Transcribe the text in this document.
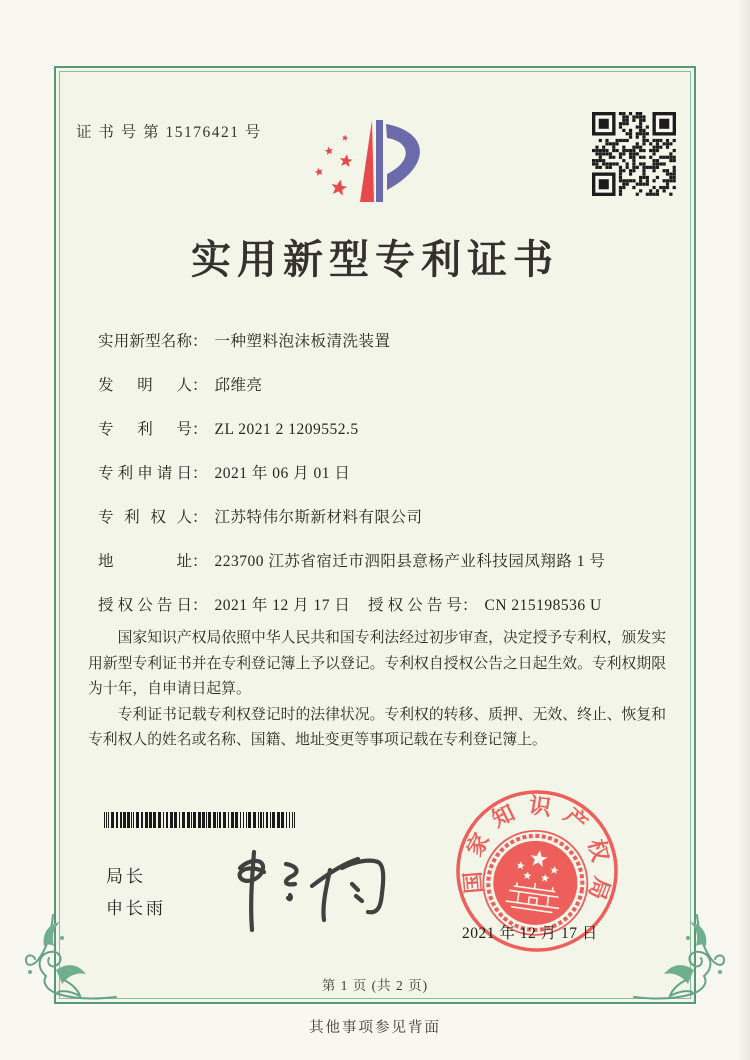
证 书 号 第 15176421 号
实用新型专利证书
实用新型名称： 一种塑料泡沫板清洗装置
发明人： 邱维亮
专利号： ZL 2021 2 1209552.5
专利申请日： 2021 年 06 月 01 日
专利权人： 江苏特伟尔斯新材料有限公司
地址： 223700 江苏省宿迁市泗阳县意杨产业科技园凤翔路 1 号
授权公告日： 2021 年 12 月 17 日 授权公告号： CN 215198536 U

国家知识产权局依照中华人民共和国专利法经过初步审查，决定授予专利权，颁发实用新型专利证书并在专利登记簿上予以登记。专利权自授权公告之日起生效。专利权期限为十年，自申请日起算。

专利证书记载专利权登记时的法律状况。专利权的转移、质押、无效、终止、恢复和专利权人的姓名或名称、国籍、地址变更等事项记载在专利登记簿上。

局长
申长雨
国家知识产权局
2021 年 12 月 17 日
第 1 页 (共 2 页)
其他事项参见背面
